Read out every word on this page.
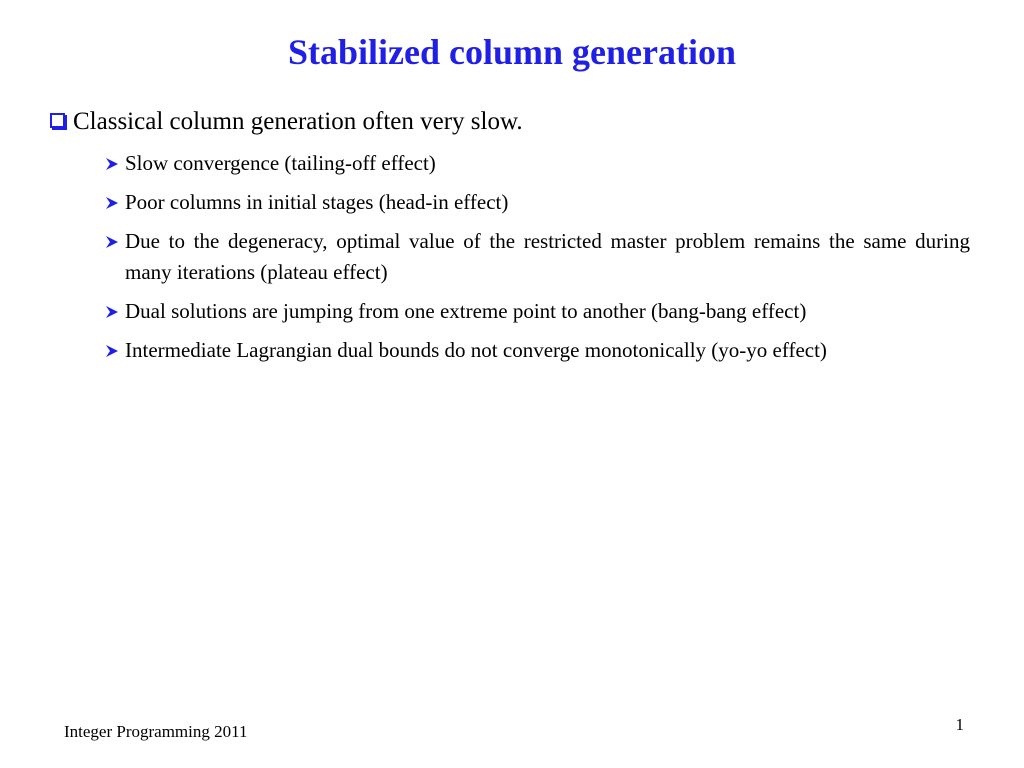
Stabilized column generation
Classical column generation often very slow.
Slow convergence (tailing-off effect)
Poor columns in initial stages (head-in effect)
Due to the degeneracy, optimal value of the restricted master problem remains the same during many iterations (plateau effect)
Dual solutions are jumping from one extreme point to another (bang-bang effect)
Intermediate Lagrangian dual bounds do not converge monotonically (yo-yo effect)
Integer Programming 2011	1
